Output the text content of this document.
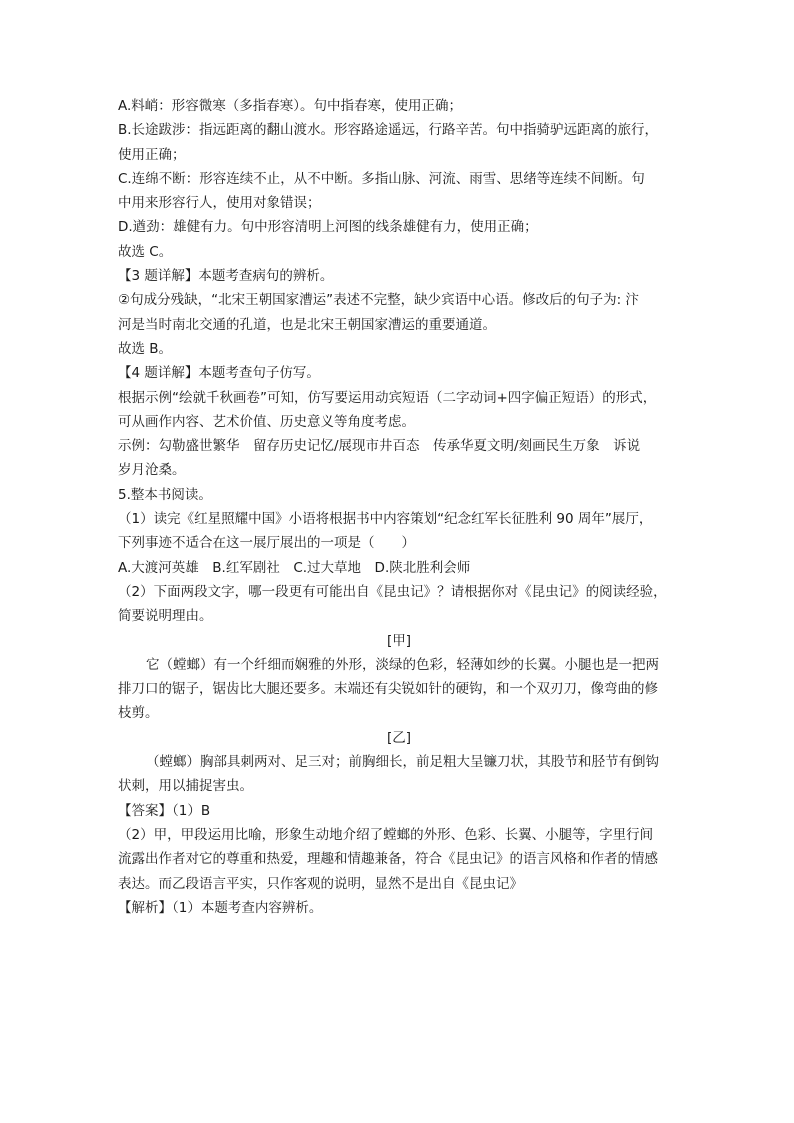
A.料峭：形容微寒（多指春寒）。句中指春寒，使用正确；
B.长途跋涉：指远距离的翻山渡水。形容路途遥远，行路辛苦。句中指骑驴远距离的旅行，
使用正确；
C.连绵不断：形容连续不止，从不中断。多指山脉、河流、雨雪、思绪等连续不间断。句
中用来形容行人，使用对象错误；
D.遒劲：雄健有力。句中形容清明上河图的线条雄健有力，使用正确；
故选 C。
【3 题详解】本题考查病句的辨析。
②句成分残缺，“北宋王朝国家漕运”表述不完整，缺少宾语中心语。修改后的句子为: 汴
河是当时南北交通的孔道，也是北宋王朝国家漕运的重要通道。
故选 B。
【4 题详解】本题考查句子仿写。
根据示例“绘就千秋画卷”可知，仿写要运用动宾短语（二字动词+四字偏正短语）的形式，
可从画作内容、艺术价值、历史意义等角度考虑。
示例：勾勒盛世繁华　留存历史记忆/展现市井百态　传承华夏文明/刻画民生万象　诉说
岁月沧桑。
5.整本书阅读。
（1）读完《红星照耀中国》小语将根据书中内容策划“纪念红军长征胜利 90 周年”展厅，
下列事迹不适合在这一展厅展出的一项是（　　）
A.大渡河英雄　B.红军剧社　C.过大草地　D.陕北胜利会师
（2）下面两段文字，哪一段更有可能出自《昆虫记》？请根据你对《昆虫记》的阅读经验，
简要说明理由。
[甲]
它（螳螂）有一个纤细而娴雅的外形，淡绿的色彩，轻薄如纱的长翼。小腿也是一把两
排刀口的锯子，锯齿比大腿还要多。末端还有尖锐如针的硬钩，和一个双刃刀，像弯曲的修
枝剪。
[乙]
（螳螂）胸部具刺两对、足三对；前胸细长，前足粗大呈镰刀状，其股节和胫节有倒钩
状刺，用以捕捉害虫。
【答案】（1）B
（2）甲，甲段运用比喻，形象生动地介绍了螳螂的外形、色彩、长翼、小腿等，字里行间
流露出作者对它的尊重和热爱，理趣和情趣兼备，符合《昆虫记》的语言风格和作者的情感
表达。而乙段语言平实，只作客观的说明，显然不是出自《昆虫记》
【解析】（1）本题考查内容辨析。
